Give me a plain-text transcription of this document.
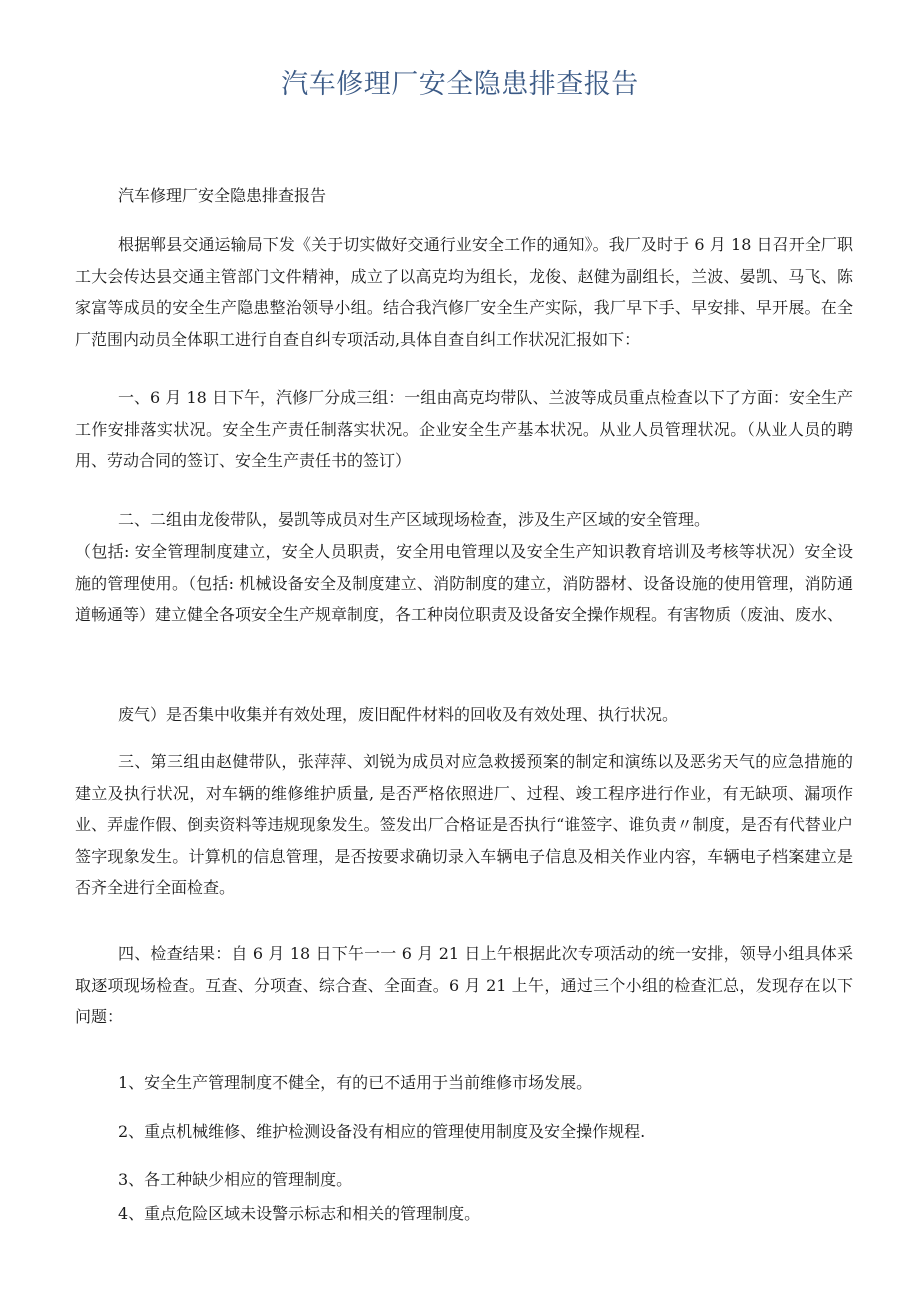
汽车修理厂安全隐患排查报告

汽车修理厂安全隐患排查报告

根据郸县交通运输局下发《关于切实做好交通行业安全工作的通知》。我厂及时于 6 月 18 日召开全厂职工大会传达县交通主管部门文件精神，成立了以高克均为组长，龙俊、赵健为副组长，兰波、晏凯、马飞、陈家富等成员的安全生产隐患整治领导小组。结合我汽修厂安全生产实际，我厂早下手、早安排、早开展。在全厂范围内动员全体职工进行自查自纠专项活动,具体自查自纠工作状况汇报如下：

一、6 月 18 日下午，汽修厂分成三组：一组由高克均带队、兰波等成员重点检查以下了方面：安全生产工作安排落实状况。安全生产责任制落实状况。企业安全生产基本状况。从业人员管理状况。（从业人员的聘用、劳动合同的签订、安全生产责任书的签订）

二、二组由龙俊带队，晏凯等成员对生产区域现场检查，涉及生产区域的安全管理。

（包括: 安全管理制度建立，安全人员职责，安全用电管理以及安全生产知识教育培训及考核等状况）安全设施的管理使用。（包括: 机械设备安全及制度建立、消防制度的建立，消防器材、设备设施的使用管理，消防通道畅通等）建立健全各项安全生产规章制度，各工种岗位职责及设备安全操作规程。有害物质（废油、废水、

废气）是否集中收集并有效处理，废旧配件材料的回收及有效处理、执行状况。

三、第三组由赵健带队，张萍萍、刘锐为成员对应急救援预案的制定和演练以及恶劣天气的应急措施的建立及执行状况，对车辆的维修维护质量, 是否严格依照进厂、过程、竣工程序进行作业，有无缺项、漏项作业、弄虚作假、倒卖资料等违规现象发生。签发出厂合格证是否执行“谁签字、谁负责〃制度，是否有代替业户签字现象发生。计算机的信息管理，是否按要求确切录入车辆电子信息及相关作业内容，车辆电子档案建立是否齐全进行全面检查。

四、检查结果：自 6 月 18 日下午一一 6 月 21 日上午根据此次专项活动的统一安排，领导小组具体采取逐项现场检查。互查、分项查、综合查、全面查。6 月 21 上午，通过三个小组的检查汇总，发现存在以下问题：

1、安全生产管理制度不健全，有的已不适用于当前维修市场发展。

2、重点机械维修、维护检测设备没有相应的管理使用制度及安全操作规程.

3、各工种缺少相应的管理制度。

4、重点危险区域未设警示标志和相关的管理制度。
